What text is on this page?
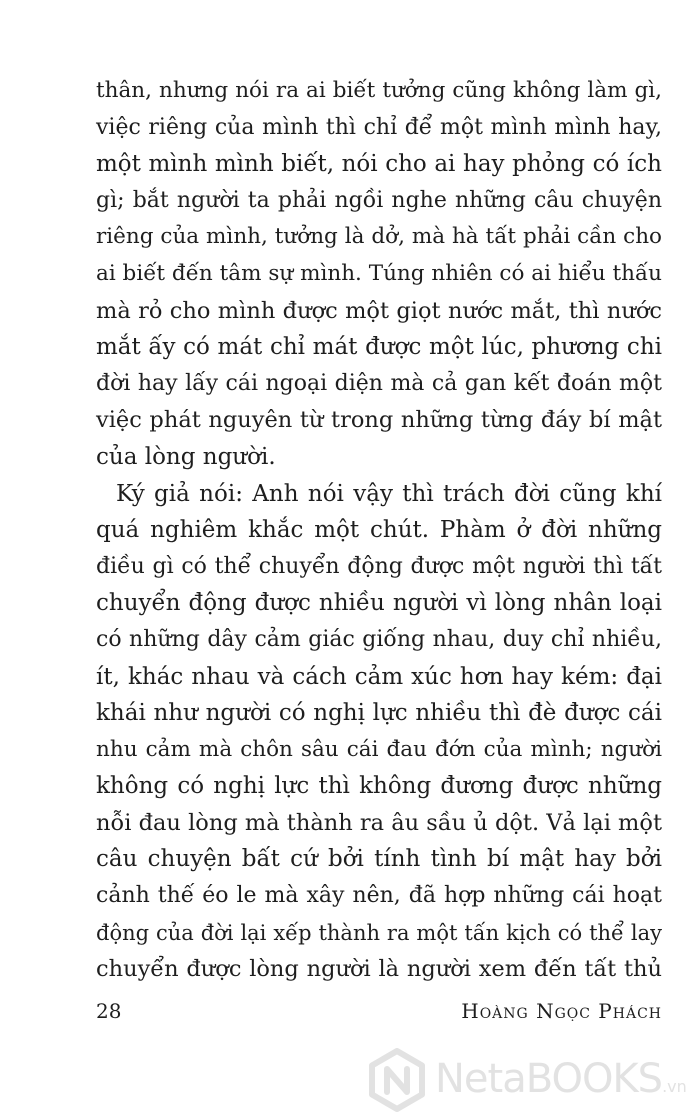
thân, nhưng nói ra ai biết tưởng cũng không làm gì,
việc riêng của mình thì chỉ để một mình mình hay,
một mình mình biết, nói cho ai hay phỏng có ích
gì; bắt người ta phải ngồi nghe những câu chuyện
riêng của mình, tưởng là dở, mà hà tất phải cần cho
ai biết đến tâm sự mình. Túng nhiên có ai hiểu thấu
mà rỏ cho mình được một giọt nước mắt, thì nước
mắt ấy có mát chỉ mát được một lúc, phương chi
đời hay lấy cái ngoại diện mà cả gan kết đoán một
việc phát nguyên từ trong những từng đáy bí mật
của lòng người.
Ký giả nói: Anh nói vậy thì trách đời cũng khí
quá nghiêm khắc một chút. Phàm ở đời những
điều gì có thể chuyển động được một người thì tất
chuyển động được nhiều người vì lòng nhân loại
có những dây cảm giác giống nhau, duy chỉ nhiều,
ít, khác nhau và cách cảm xúc hơn hay kém: đại
khái như người có nghị lực nhiều thì đè được cái
nhu cảm mà chôn sâu cái đau đớn của mình; người
không có nghị lực thì không đương được những
nỗi đau lòng mà thành ra âu sầu ủ dột. Vả lại một
câu chuyện bất cứ bởi tính tình bí mật hay bởi
cảnh thế éo le mà xây nên, đã hợp những cái hoạt
động của đời lại xếp thành ra một tấn kịch có thể lay
chuyển được lòng người là người xem đến tất thủ
28	Hoàng Ngọc Phách
NetaBOOKS.vn
